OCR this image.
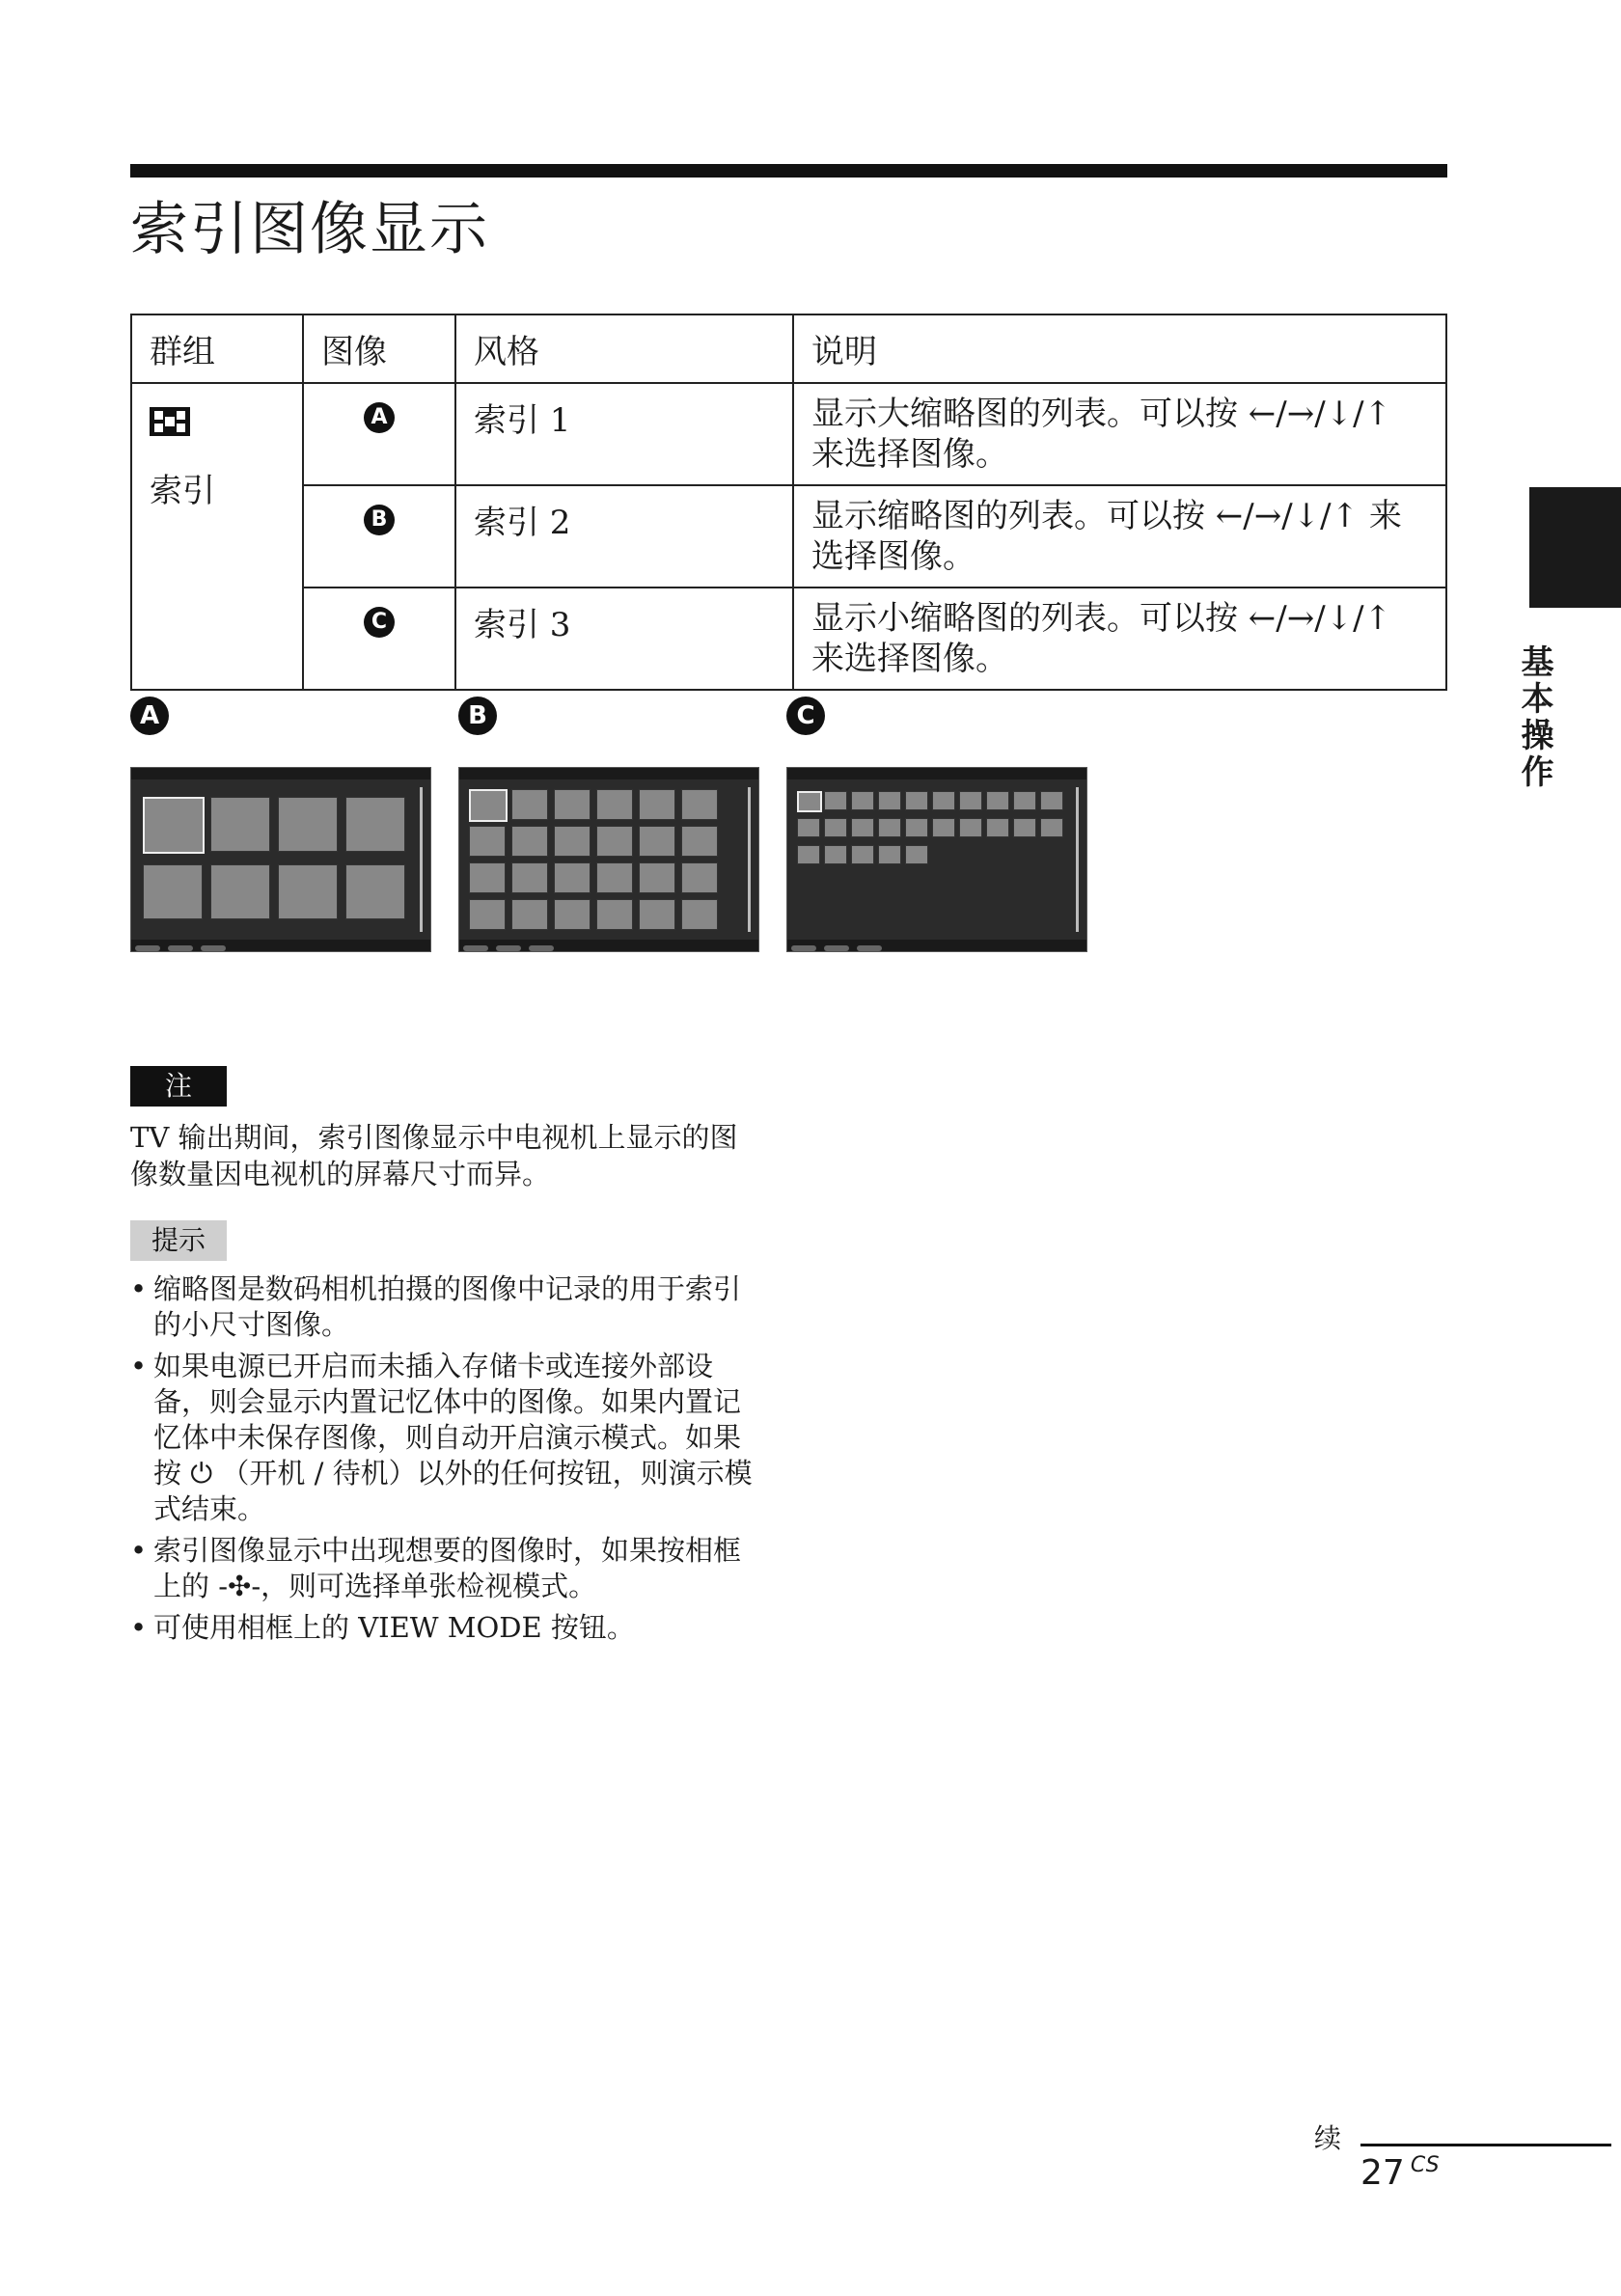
索引图像显示
群组	图像	风格	说明

索引	A	索引 1	显示大缩略图的列表。可以按 ←/→/↓/↑ 来选择图像。
	B	索引 2	显示缩略图的列表。可以按 ←/→/↓/↑ 来选择图像。
	C	索引 3	显示小缩略图的列表。可以按 ←/→/↓/↑ 来选择图像。
A	B	C
注
TV 输出期间，索引图像显示中电视机上显示的图像数量因电视机的屏幕尺寸而异。
提示
• 缩略图是数码相机拍摄的图像中记录的用于索引的小尺寸图像。
• 如果电源已开启而未插入存储卡或连接外部设备，则会显示内置记忆体中的图像。如果内置记忆体中未保存图像，则自动开启演示模式。如果按 ⏻ （开机 / 待机）以外的任何按钮，则演示模式结束。
• 索引图像显示中出现想要的图像时，如果按相框上的 -✣-，则可选择单张检视模式。
• 可使用相框上的 VIEW MODE 按钮。
基本操作
续
27 $^{CS}$
